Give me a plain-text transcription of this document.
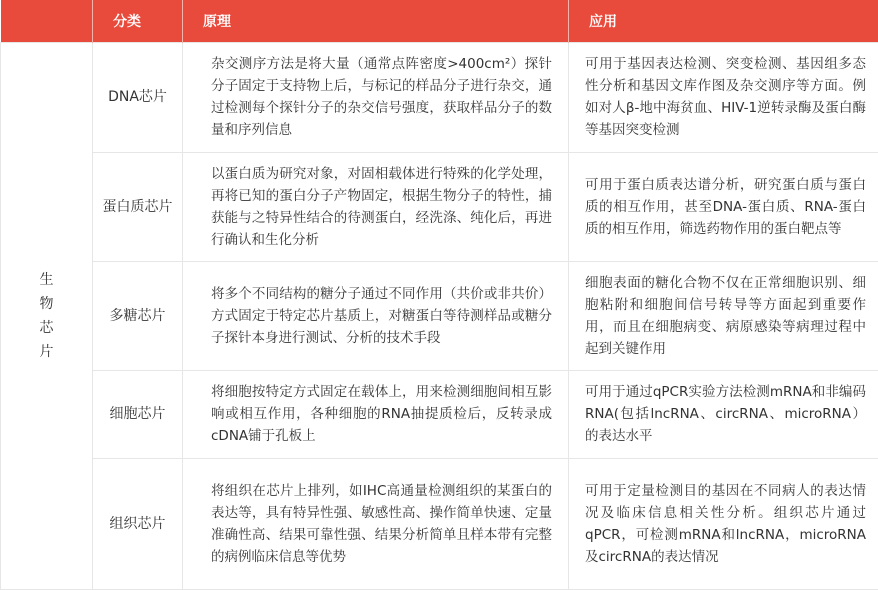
	分类	原理	应用

生物芯片	DNA芯片	杂交测序方法是将大量（通常点阵密度>400cm²）探针分子固定于支持物上后，与标记的样品分子进行杂交，通过检测每个探针分子的杂交信号强度，获取样品分子的数量和序列信息	可用于基因表达检测、突变检测、基因组多态性分析和基因文库作图及杂交测序等方面。例如对人β-地中海贫血、HIV-1逆转录酶及蛋白酶等基因突变检测
	蛋白质芯片	以蛋白质为研究对象，对固相载体进行特殊的化学处理，再将已知的蛋白分子产物固定，根据生物分子的特性，捕获能与之特异性结合的待测蛋白，经洗涤、纯化后，再进行确认和生化分析	可用于蛋白质表达谱分析，研究蛋白质与蛋白质的相互作用，甚至DNA-蛋白质、RNA-蛋白质的相互作用，筛选药物作用的蛋白靶点等
	多糖芯片	将多个不同结构的糖分子通过不同作用（共价或非共价）方式固定于特定芯片基质上，对糖蛋白等待测样品或糖分子探针本身进行测试、分析的技术手段	细胞表面的糖化合物不仅在正常细胞识别、细胞粘附和细胞间信号转导等方面起到重要作用，而且在细胞病变、病原感染等病理过程中起到关键作用
	细胞芯片	将细胞按特定方式固定在载体上，用来检测细胞间相互影响或相互作用，各种细胞的RNA抽提质检后，反转录成cDNA铺于孔板上	可用于通过qPCR实验方法检测mRNA和非编码RNA(包括lncRNA、circRNA、microRNA）的表达水平
	组织芯片	将组织在芯片上排列，如IHC高通量检测组织的某蛋白的表达等，具有特异性强、敏感性高、操作简单快速、定量准确性高、结果可靠性强、结果分析简单且样本带有完整的病例临床信息等优势	可用于定量检测目的基因在不同病人的表达情况及临床信息相关性分析。组织芯片通过qPCR，可检测mRNA和lncRNA，microRNA及circRNA的表达情况
